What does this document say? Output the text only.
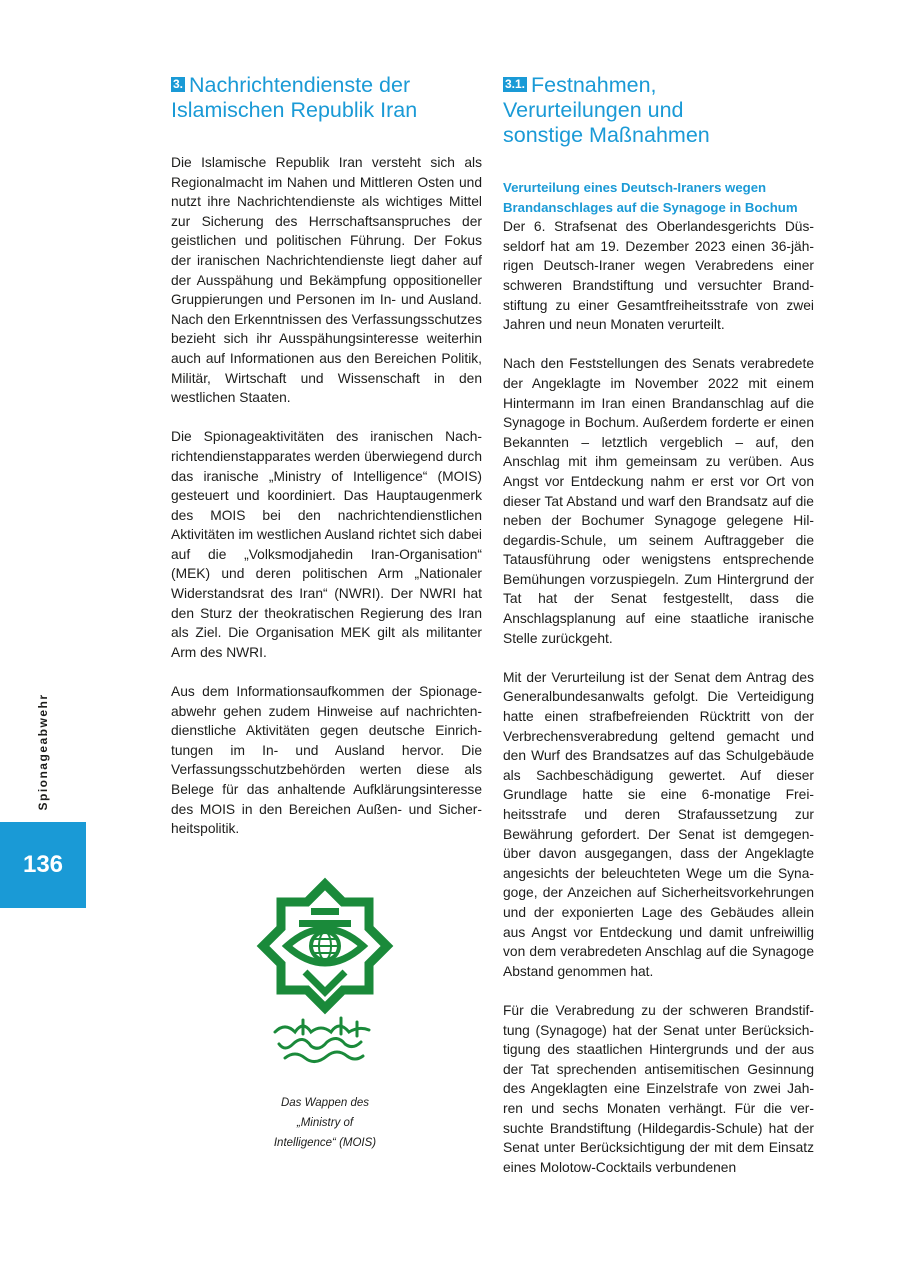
Spionageabwehr
136
3. Nachrichtendienste der
Islamischen Republik Iran

Die Islamische Republik Iran versteht sich als Regionalmacht im Nahen und Mittleren Osten und nutzt ihre Nachrichtendienste als wichtiges Mittel zur Sicherung des Herrschaftsanspruches der geistlichen und politischen Führung. Der Fokus der iranischen Nachrichtendienste liegt daher auf der Ausspähung und Bekämpfung oppositioneller Gruppierungen und Personen im In- und Ausland. Nach den Erkenntnissen des Verfassungsschutzes bezieht sich ihr Ausspähungsinteresse weiterhin auch auf Informationen aus den Bereichen Politik, Militär, Wirtschaft und Wissenschaft in den westlichen Staaten.

Die Spionageaktivitäten des iranischen Nachrichtendienstapparates werden überwiegend durch das iranische „Ministry of Intelligence“ (MOIS) gesteuert und koordiniert. Das Hauptaugenmerk des MOIS bei den nachrichtendienstlichen Aktivitäten im westlichen Ausland richtet sich dabei auf die „Volksmodjahedin Iran-Organisation“ (MEK) und deren politischen Arm „Nationaler Widerstandsrat des Iran“ (NWRI). Der NWRI hat den Sturz der theokratischen Regierung des Iran als Ziel. Die Organisation MEK gilt als militanter Arm des NWRI.

Aus dem Informationsaufkommen der Spionageabwehr gehen zudem Hinweise auf nachrichtendienstliche Aktivitäten gegen deutsche Einrichtungen im In- und Ausland hervor. Die Verfassungsschutzbehörden werten diese als Belege für das anhaltende Aufklärungsinteresse des MOIS in den Bereichen Außen- und Sicherheitspolitik.

Das Wappen des
„Ministry of
Intelligence“ (MOIS)
3.1. Festnahmen,
Verurteilungen und
sonstige Maßnahmen
Verurteilung eines Deutsch-Iraners wegen
Brandanschlages auf die Synagoge in Bochum

Der 6. Strafsenat des Oberlandesgerichts Düsseldorf hat am 19. Dezember 2023 einen 36-jährigen Deutsch-Iraner wegen Verabredens einer schweren Brandstiftung und versuchter Brandstiftung zu einer Gesamtfreiheitsstrafe von zwei Jahren und neun Monaten verurteilt.

Nach den Feststellungen des Senats verabredete der Angeklagte im November 2022 mit einem Hintermann im Iran einen Brandanschlag auf die Synagoge in Bochum. Außerdem forderte er einen Bekannten – letztlich vergeblich – auf, den Anschlag mit ihm gemeinsam zu verüben. Aus Angst vor Entdeckung nahm er erst vor Ort von dieser Tat Abstand und warf den Brandsatz auf die neben der Bochumer Synagoge gelegene Hildegardis-Schule, um seinem Auftraggeber die Tatausführung oder wenigstens entsprechende Bemühungen vorzuspiegeln. Zum Hintergrund der Tat hat der Senat festgestellt, dass die Anschlagsplanung auf eine staatliche iranische Stelle zurückgeht.

Mit der Verurteilung ist der Senat dem Antrag des Generalbundesanwalts gefolgt. Die Verteidigung hatte einen strafbefreienden Rücktritt von der Verbrechensverabredung geltend gemacht und den Wurf des Brandsatzes auf das Schulgebäude als Sachbeschädigung gewertet. Auf dieser Grundlage hatte sie eine 6-monatige Freiheitsstrafe und deren Strafaussetzung zur Bewährung gefordert. Der Senat ist demgegenüber davon ausgegangen, dass der Angeklagte angesichts der beleuchteten Wege um die Synagoge, der Anzeichen auf Sicherheitsvorkehrungen und der exponierten Lage des Gebäudes allein aus Angst vor Entdeckung und damit unfreiwillig von dem verabredeten Anschlag auf die Synagoge Abstand genommen hat.

Für die Verabredung zu der schweren Brandstiftung (Synagoge) hat der Senat unter Berücksichtigung des staatlichen Hintergrunds und der aus der Tat sprechenden antisemitischen Gesinnung des Angeklagten eine Einzelstrafe von zwei Jahren und sechs Monaten verhängt. Für die versuchte Brandstiftung (Hildegardis-Schule) hat der Senat unter Berücksichtigung der mit dem Einsatz eines Molotow-Cocktails verbundenen
